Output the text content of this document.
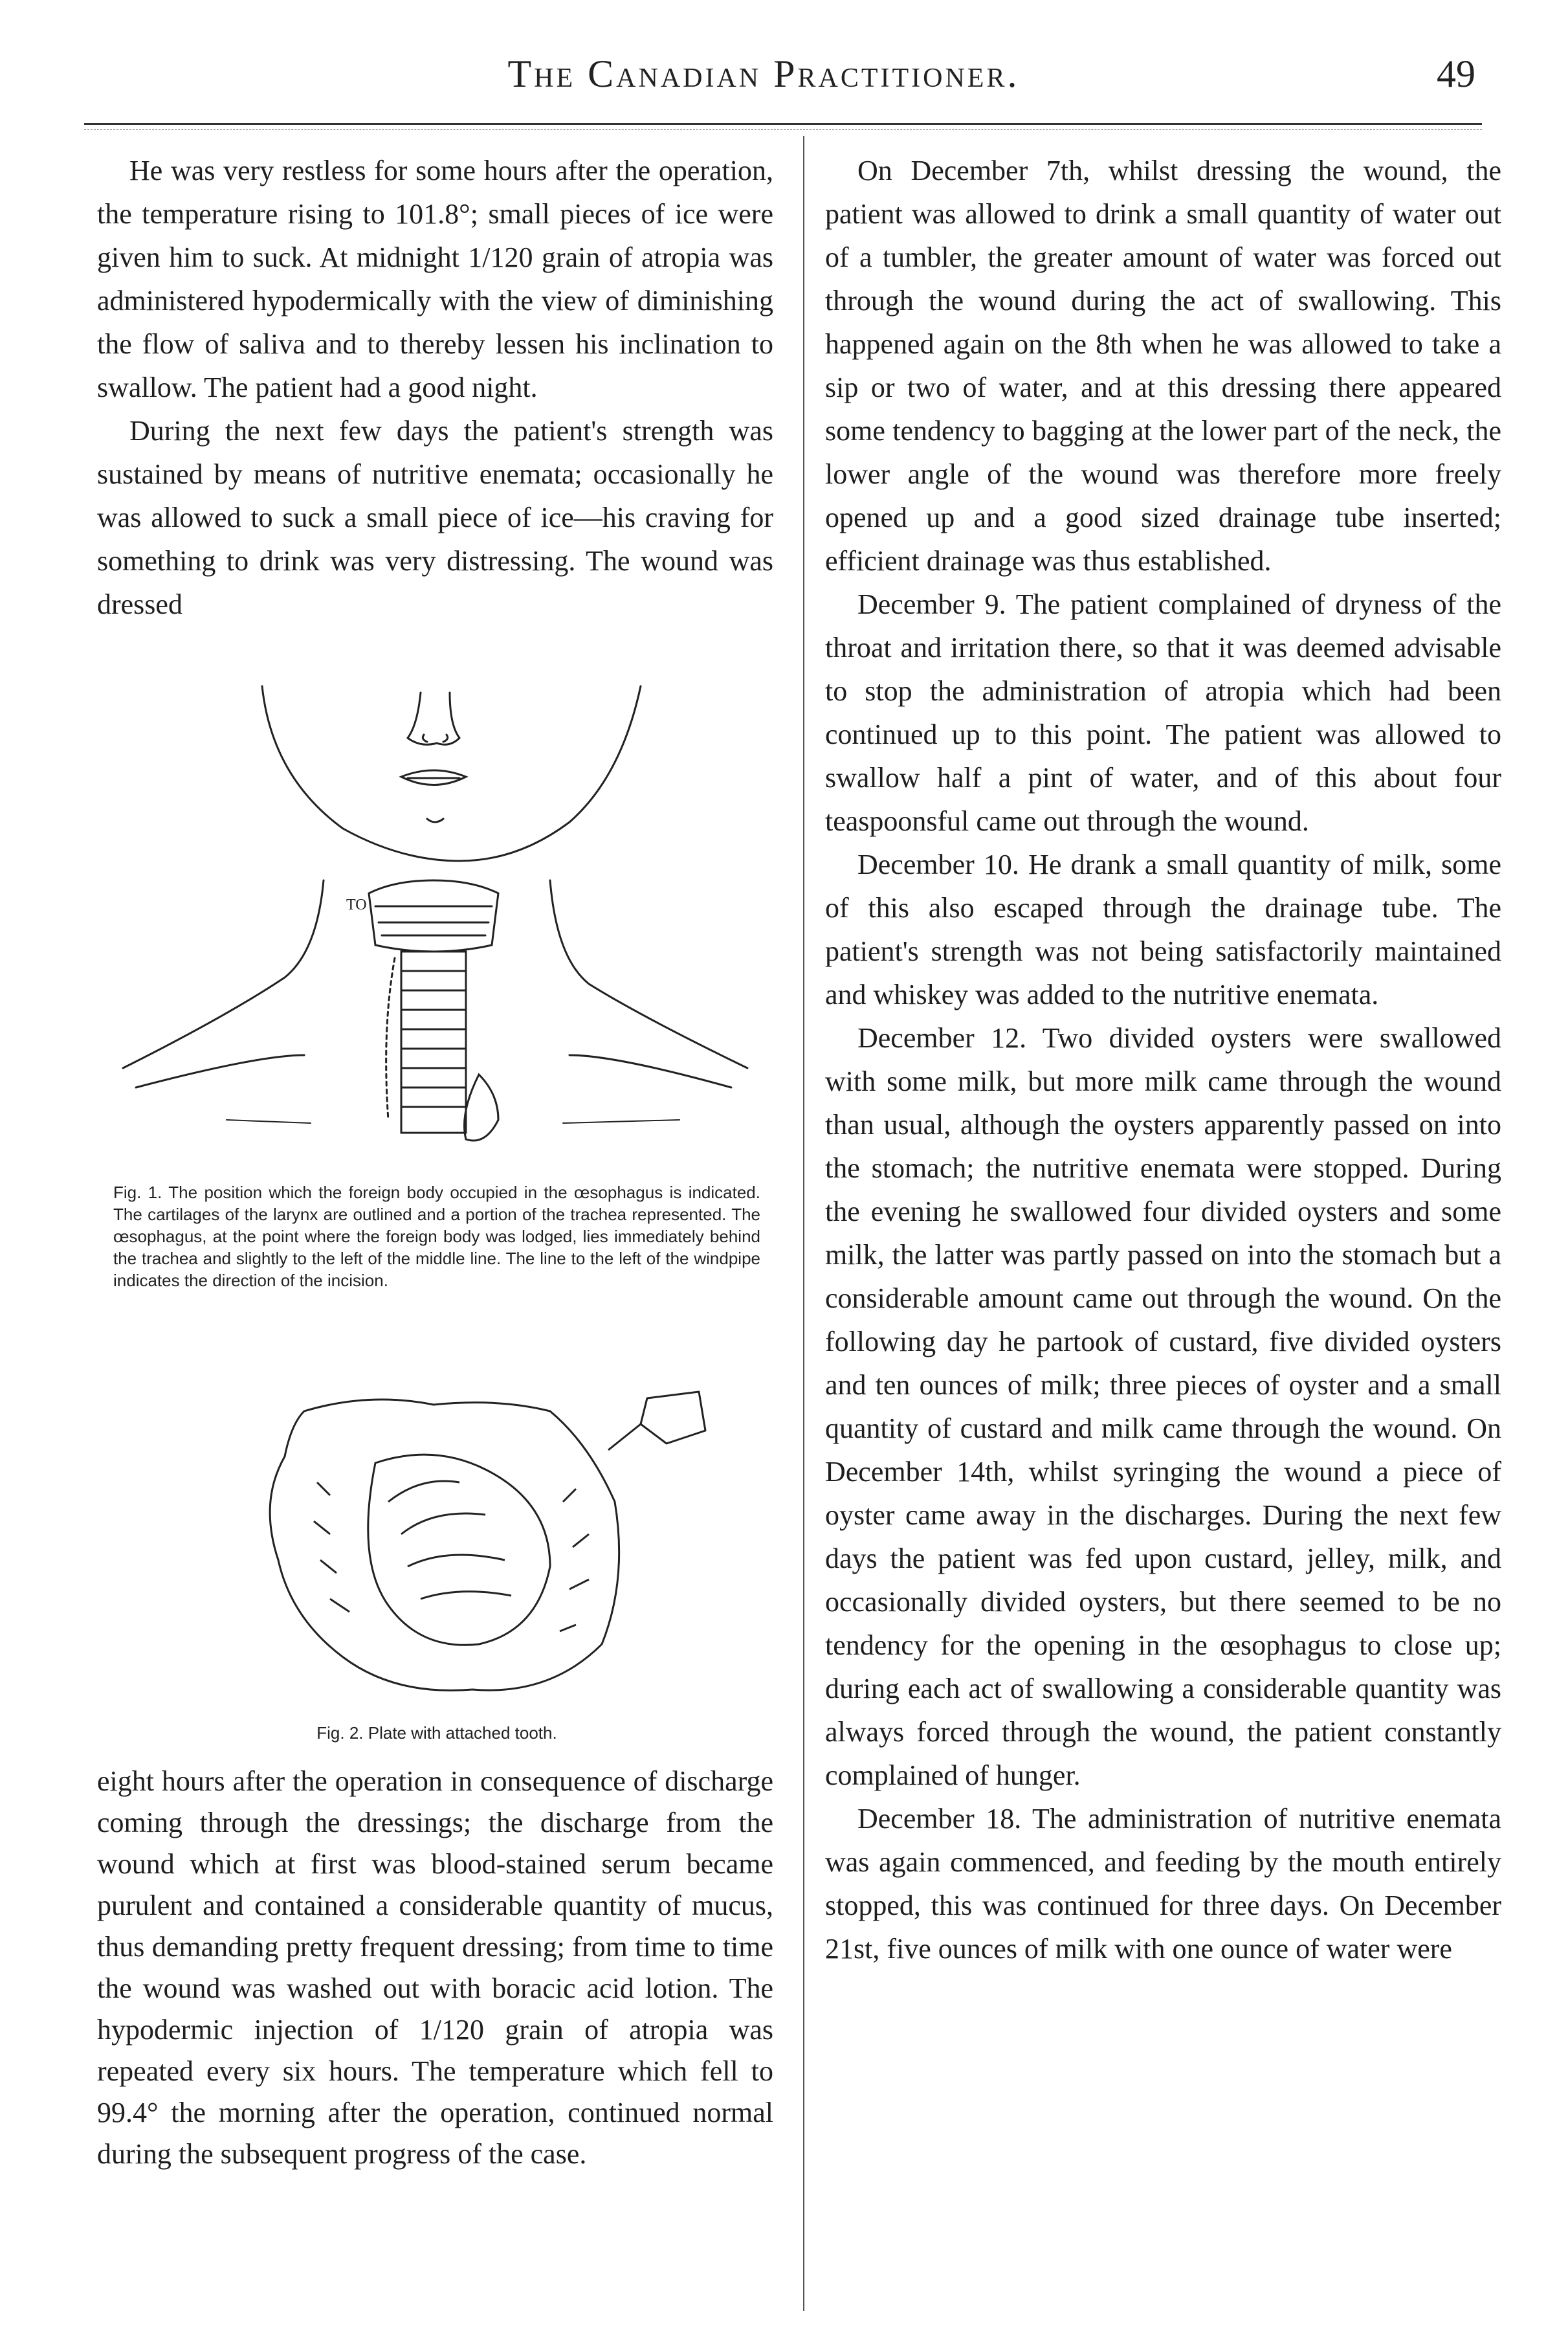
The Canadian Practitioner.	49

He was very restless for some hours after the operation, the temperature rising to 101.8°; small pieces of ice were given him to suck. At midnight 1/120 grain of atropia was administered hypodermically with the view of diminishing the flow of saliva and to thereby lessen his inclination to swallow. The patient had a good night.

During the next few days the patient's strength was sustained by means of nutritive enemata; occasionally he was allowed to suck a small piece of ice—his craving for something to drink was very distressing. The wound was dressed

TO
Fig. 1. The position which the foreign body occupied in the œsophagus is indicated. The cartilages of the larynx are outlined and a portion of the trachea represented. The œsophagus, at the point where the foreign body was lodged, lies immediately behind the trachea and slightly to the left of the middle line. The line to the left of the windpipe indicates the direction of the incision.
Fig. 2. Plate with attached tooth.

eight hours after the operation in consequence of discharge coming through the dressings; the discharge from the wound which at first was blood-stained serum became purulent and contained a considerable quantity of mucus, thus demanding pretty frequent dressing; from time to time the wound was washed out with boracic acid lotion. The hypodermic injection of 1/120 grain of atropia was repeated every six hours. The temperature which fell to 99.4° the morning after the operation, continued normal during the subsequent progress of the case.

On December 7th, whilst dressing the wound, the patient was allowed to drink a small quantity of water out of a tumbler, the greater amount of water was forced out through the wound during the act of swallowing. This happened again on the 8th when he was allowed to take a sip or two of water, and at this dressing there appeared some tendency to bagging at the lower part of the neck, the lower angle of the wound was therefore more freely opened up and a good sized drainage tube inserted; efficient drainage was thus established.

December 9. The patient complained of dryness of the throat and irritation there, so that it was deemed advisable to stop the administration of atropia which had been continued up to this point. The patient was allowed to swallow half a pint of water, and of this about four teaspoonsful came out through the wound.

December 10. He drank a small quantity of milk, some of this also escaped through the drainage tube. The patient's strength was not being satisfactorily maintained and whiskey was added to the nutritive enemata.

December 12. Two divided oysters were swallowed with some milk, but more milk came through the wound than usual, although the oysters apparently passed on into the stomach; the nutritive enemata were stopped. During the evening he swallowed four divided oysters and some milk, the latter was partly passed on into the stomach but a considerable amount came out through the wound. On the following day he partook of custard, five divided oysters and ten ounces of milk; three pieces of oyster and a small quantity of custard and milk came through the wound. On December 14th, whilst syringing the wound a piece of oyster came away in the discharges. During the next few days the patient was fed upon custard, jelley, milk, and occasionally divided oysters, but there seemed to be no tendency for the opening in the œsophagus to close up; during each act of swallowing a considerable quantity was always forced through the wound, the patient constantly complained of hunger.

December 18. The administration of nutritive enemata was again commenced, and feeding by the mouth entirely stopped, this was continued for three days. On December 21st, five ounces of milk with one ounce of water were
